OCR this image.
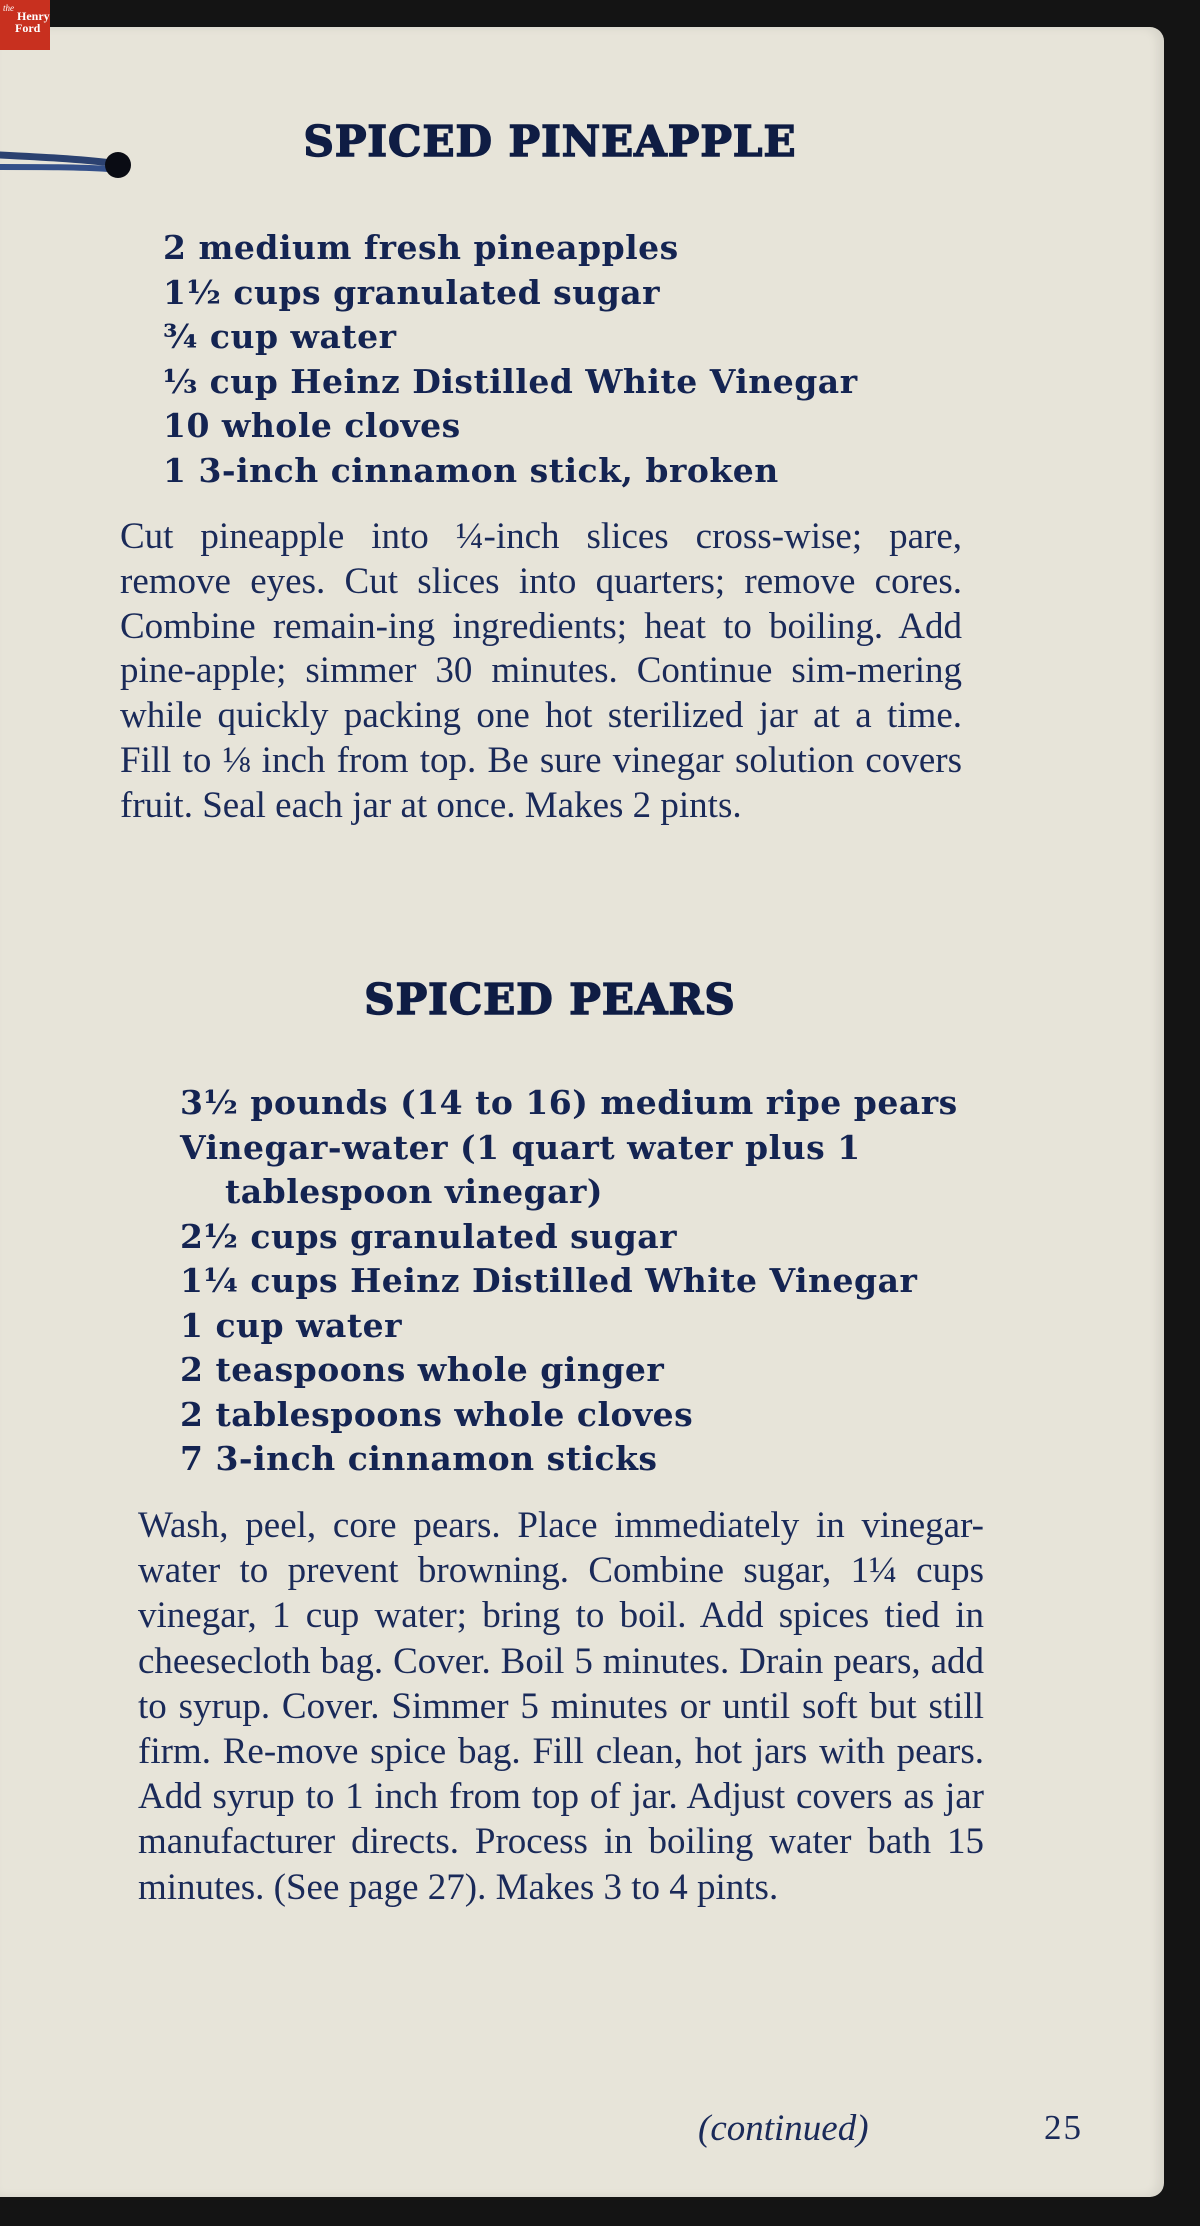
the
Henry
Ford
SPICED PINEAPPLE
2 medium fresh pineapples
1½ cups granulated sugar
¾ cup water
⅓ cup Heinz Distilled White Vinegar
10 whole cloves
1 3-inch cinnamon stick, broken

Cut pineapple into ¼-inch slices cross-wise; pare, remove eyes. Cut slices into quarters; remove cores. Combine remain-ing ingredients; heat to boiling. Add pine-apple; simmer 30 minutes. Continue sim-mering while quickly packing one hot sterilized jar at a time. Fill to ⅛ inch from top. Be sure vinegar solution covers fruit. Seal each jar at once. Makes 2 pints.

SPICED PEARS
3½ pounds (14 to 16) medium ripe pears
Vinegar-water (1 quart water plus 1
tablespoon vinegar)
2½ cups granulated sugar
1¼ cups Heinz Distilled White Vinegar
1 cup water
2 teaspoons whole ginger
2 tablespoons whole cloves
7 3-inch cinnamon sticks

Wash, peel, core pears. Place immediately in vinegar-water to prevent browning. Combine sugar, 1¼ cups vinegar, 1 cup water; bring to boil. Add spices tied in cheesecloth bag. Cover. Boil 5 minutes. Drain pears, add to syrup. Cover. Simmer 5 minutes or until soft but still firm. Re-move spice bag. Fill clean, hot jars with pears. Add syrup to 1 inch from top of jar. Adjust covers as jar manufacturer directs. Process in boiling water bath 15 minutes. (See page 27). Makes 3 to 4 pints.

(continued)	25
